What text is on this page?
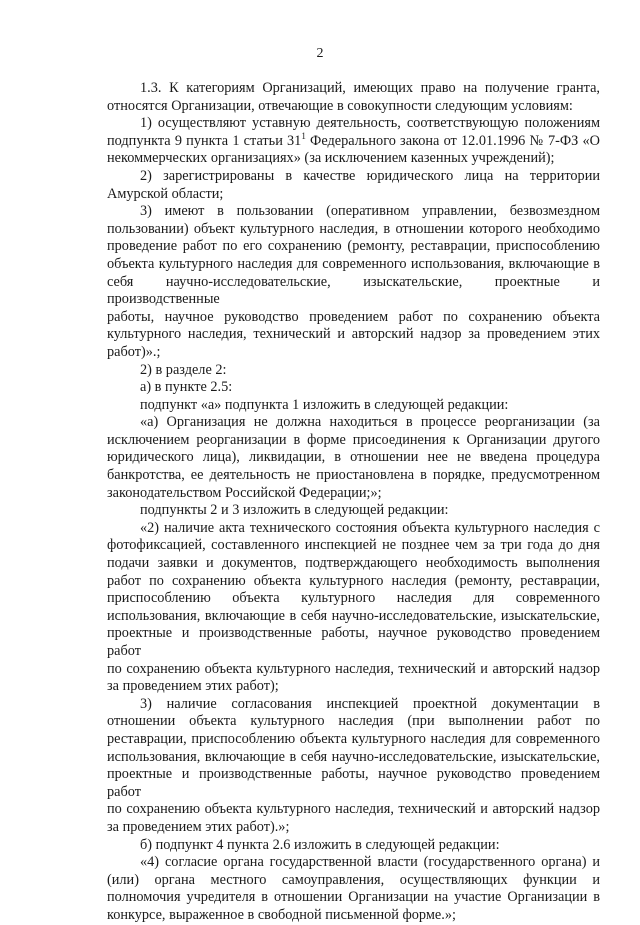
2

1.3. К категориям Организаций, имеющих право на получение гранта,
относятся Организации, отвечающие в совокупности следующим условиям:

1) осуществляют уставную деятельность, соответствующую положениям
подпункта 9 пункта 1 статьи $31^1$ Федерального закона от 12.01.1996 № 7-ФЗ «О
некоммерческих организациях» (за исключением казенных учреждений);

2) зарегистрированы в качестве юридического лица на территории
Амурской области;

3) имеют в пользовании (оперативном управлении, безвозмездном
пользовании) объект культурного наследия, в отношении которого необходимо
проведение работ по его сохранению (ремонту, реставрации, приспособлению
объекта культурного наследия для современного использования, включающие в
себя научно-исследовательские, изыскательские, проектные и производственные
работы, научное руководство проведением работ по сохранению объекта
культурного наследия, технический и авторский надзор за проведением этих
работ)».;

2) в разделе 2:

а) в пункте 2.5:

подпункт «а» подпункта 1 изложить в следующей редакции:

«а) Организация не должна находиться в процессе реорганизации (за
исключением реорганизации в форме присоединения к Организации другого
юридического лица), ликвидации, в отношении нее не введена процедура
банкротства, ее деятельность не приостановлена в порядке, предусмотренном
законодательством Российской Федерации;»;

подпункты 2 и 3 изложить в следующей редакции:

«2) наличие акта технического состояния объекта культурного наследия с
фотофиксацией, составленного инспекцией не позднее чем за три года до дня
подачи заявки и документов, подтверждающего необходимость выполнения
работ по сохранению объекта культурного наследия (ремонту, реставрации,
приспособлению объекта культурного наследия для современного
использования, включающие в себя научно-исследовательские, изыскательские,
проектные и производственные работы, научное руководство проведением работ
по сохранению объекта культурного наследия, технический и авторский надзор
за проведением этих работ);

3) наличие согласования инспекцией проектной документации в
отношении объекта культурного наследия (при выполнении работ по
реставрации, приспособлению объекта культурного наследия для современного
использования, включающие в себя научно-исследовательские, изыскательские,
проектные и производственные работы, научное руководство проведением работ
по сохранению объекта культурного наследия, технический и авторский надзор
за проведением этих работ).»;

б) подпункт 4 пункта 2.6 изложить в следующей редакции:

«4) согласие органа государственной власти (государственного органа) и
(или) органа местного самоуправления, осуществляющих функции и
полномочия учредителя в отношении Организации на участие Организации в
конкурсе, выраженное в свободной письменной форме.»;
